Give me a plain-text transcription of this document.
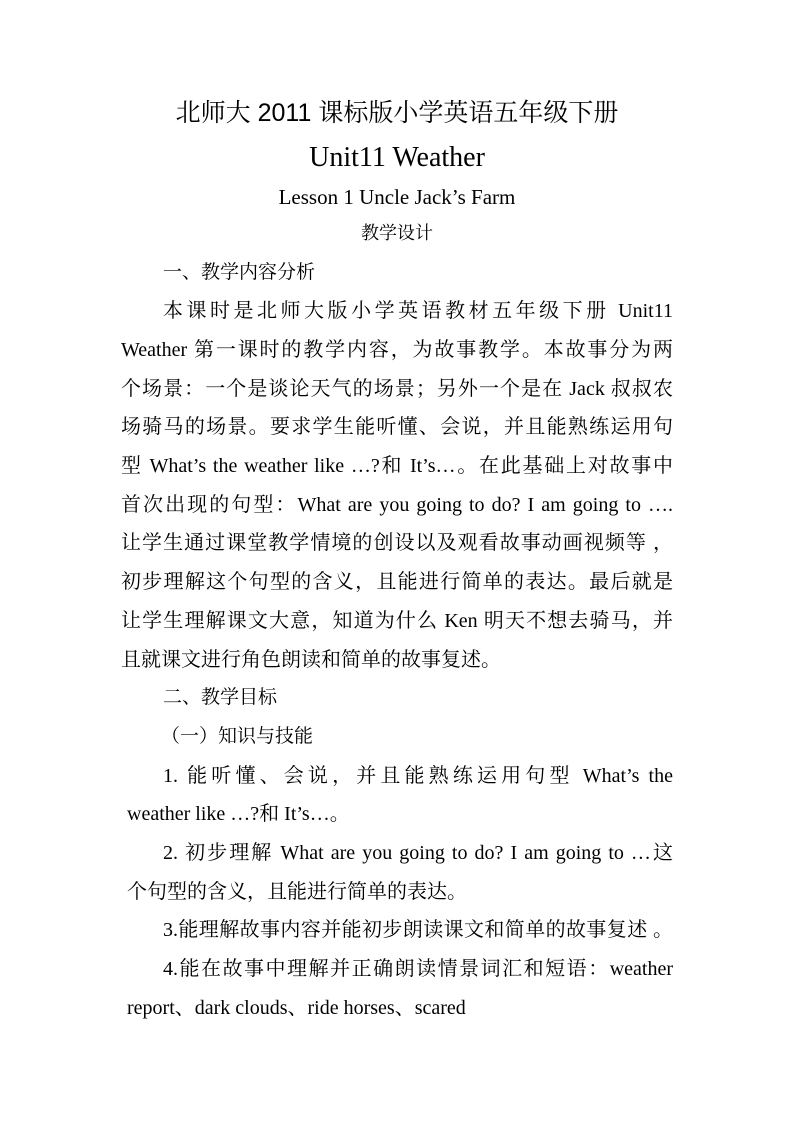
北师大 2011 课标版小学英语五年级下册
Unit11 Weather
Lesson 1 Uncle Jack’s Farm
教学设计
一、教学内容分析
本课时是北师大版小学英语教材五年级下册 Unit11
Weather 第一课时的教学内容，为故事教学。本故事分为两
个场景：一个是谈论天气的场景；另外一个是在 Jack 叔叔农
场骑马的场景。要求学生能听懂、会说，并且能熟练运用句
型 What’s the weather like …?和 It’s…。在此基础上对故事中
首次出现的句型：What are you going to do? I am going to ….
让学生通过课堂教学情境的创设以及观看故事动画视频等 ，
初步理解这个句型的含义，且能进行简单的表达。最后就是
让学生理解课文大意，知道为什么 Ken 明天不想去骑马，并
且就课文进行角色朗读和简单的故事复述。
二、教学目标
（一）知识与技能
1. 能听懂、会说，并且能熟练运用句型 What’s the
weather like …?和 It’s…。
2. 初步理解 What are you going to do? I am going to …这
个句型的含义，且能进行简单的表达。
3.能理解故事内容并能初步朗读课文和简单的故事复述 。
4.能在故事中理解并正确朗读情景词汇和短语：weather
report、dark clouds、ride horses、scared
